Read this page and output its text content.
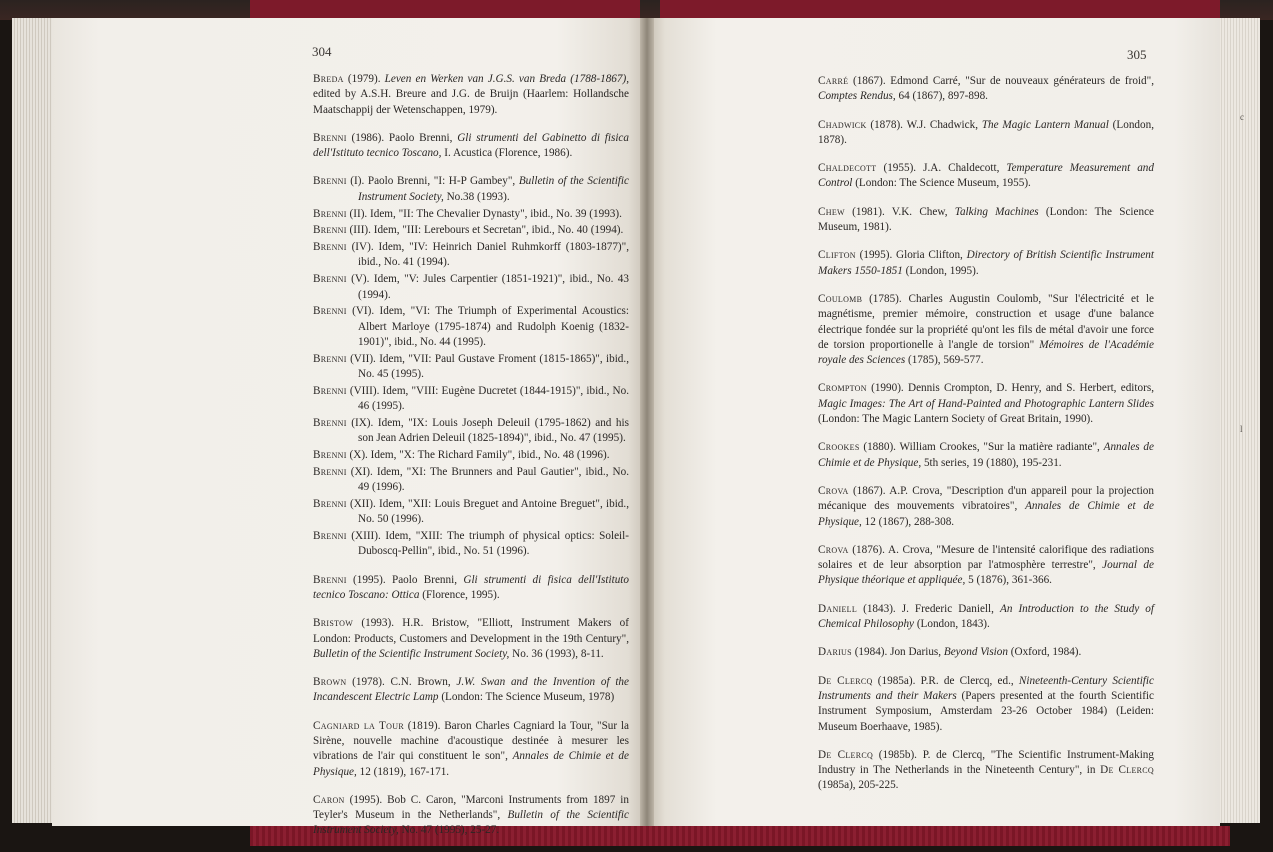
304	305
Breda (1979). Leven en Werken van J.G.S. van Breda (1788-1867), edited by A.S.H. Breure and J.G. de Bruijn (Haarlem: Hollandsche Maatschappij der Wetenschappen, 1979).
Brenni (1986). Paolo Brenni, Gli strumenti del Gabinetto di fisica dell'Istituto tecnico Toscano, I. Acustica (Florence, 1986).
Brenni (I). Paolo Brenni, "I: H-P Gambey", Bulletin of the Scientific Instrument Society, No.38 (1993).
Brenni (II). Idem, "II: The Chevalier Dynasty", ibid., No. 39 (1993).
Brenni (III). Idem, "III: Lerebours et Secretan", ibid., No. 40 (1994).
Brenni (IV). Idem, "IV: Heinrich Daniel Ruhmkorff (1803-1877)", ibid., No. 41 (1994).
Brenni (V). Idem, "V: Jules Carpentier (1851-1921)", ibid., No. 43 (1994).
Brenni (VI). Idem, "VI: The Triumph of Experimental Acoustics: Albert Marloye (1795-1874) and Rudolph Koenig (1832-1901)", ibid., No. 44 (1995).
Brenni (VII). Idem, "VII: Paul Gustave Froment (1815-1865)", ibid., No. 45 (1995).
Brenni (VIII). Idem, "VIII: Eugène Ducretet (1844-1915)", ibid., No. 46 (1995).
Brenni (IX). Idem, "IX: Louis Joseph Deleuil (1795-1862) and his son Jean Adrien Deleuil (1825-1894)", ibid., No. 47 (1995).
Brenni (X). Idem, "X: The Richard Family", ibid., No. 48 (1996).
Brenni (XI). Idem, "XI: The Brunners and Paul Gautier", ibid., No. 49 (1996).
Brenni (XII). Idem, "XII: Louis Breguet and Antoine Breguet", ibid., No. 50 (1996).
Brenni (XIII). Idem, "XIII: The triumph of physical optics: Soleil-Duboscq-Pellin", ibid., No. 51 (1996).
Brenni (1995). Paolo Brenni, Gli strumenti di fisica dell'Istituto tecnico Toscano: Ottica (Florence, 1995).
Bristow (1993). H.R. Bristow, "Elliott, Instrument Makers of London: Products, Customers and Development in the 19th Century", Bulletin of the Scientific Instrument Society, No. 36 (1993), 8-11.
Brown (1978). C.N. Brown, J.W. Swan and the Invention of the Incandescent Electric Lamp (London: The Science Museum, 1978)
Cagniard la Tour (1819). Baron Charles Cagniard la Tour, "Sur la Sirène, nouvelle machine d'acoustique destinée à mesurer les vibrations de l'air qui constituent le son", Annales de Chimie et de Physique, 12 (1819), 167-171.
Caron (1995). Bob C. Caron, "Marconi Instruments from 1897 in Teyler's Museum in the Netherlands", Bulletin of the Scientific Instrument Society, No. 47 (1995), 25-27.
Carré (1867). Edmond Carré, "Sur de nouveaux générateurs de froid", Comptes Rendus, 64 (1867), 897-898.
Chadwick (1878). W.J. Chadwick, The Magic Lantern Manual (London, 1878).
Chaldecott (1955). J.A. Chaldecott, Temperature Measurement and Control (London: The Science Museum, 1955).
Chew (1981). V.K. Chew, Talking Machines (London: The Science Museum, 1981).
Clifton (1995). Gloria Clifton, Directory of British Scientific Instrument Makers 1550-1851 (London, 1995).
Coulomb (1785). Charles Augustin Coulomb, "Sur l'électricité et le magnétisme, premier mémoire, construction et usage d'une balance électrique fondée sur la propriété qu'ont les fils de métal d'avoir une force de torsion proportionelle à l'angle de torsion" Mémoires de l'Académie royale des Sciences (1785), 569-577.
Crompton (1990). Dennis Crompton, D. Henry, and S. Herbert, editors, Magic Images: The Art of Hand-Painted and Photographic Lantern Slides (London: The Magic Lantern Society of Great Britain, 1990).
Crookes (1880). William Crookes, "Sur la matière radiante", Annales de Chimie et de Physique, 5th series, 19 (1880), 195-231.
Crova (1867). A.P. Crova, "Description d'un appareil pour la projection mécanique des mouvements vibratoires", Annales de Chimie et de Physique, 12 (1867), 288-308.
Crova (1876). A. Crova, "Mesure de l'intensité calorifique des radiations solaires et de leur absorption par l'atmosphère terrestre", Journal de Physique théorique et appliquée, 5 (1876), 361-366.
Daniell (1843). J. Frederic Daniell, An Introduction to the Study of Chemical Philosophy (London, 1843).
Darius (1984). Jon Darius, Beyond Vision (Oxford, 1984).
De Clercq (1985a). P.R. de Clercq, ed., Nineteenth-Century Scientific Instruments and their Makers (Papers presented at the fourth Scientific Instrument Symposium, Amsterdam 23-26 October 1984) (Leiden: Museum Boerhaave, 1985).
De Clercq (1985b). P. de Clercq, "The Scientific Instrument-Making Industry in The Netherlands in the Nineteenth Century", in De Clercq (1985a), 205-225.
c
l
